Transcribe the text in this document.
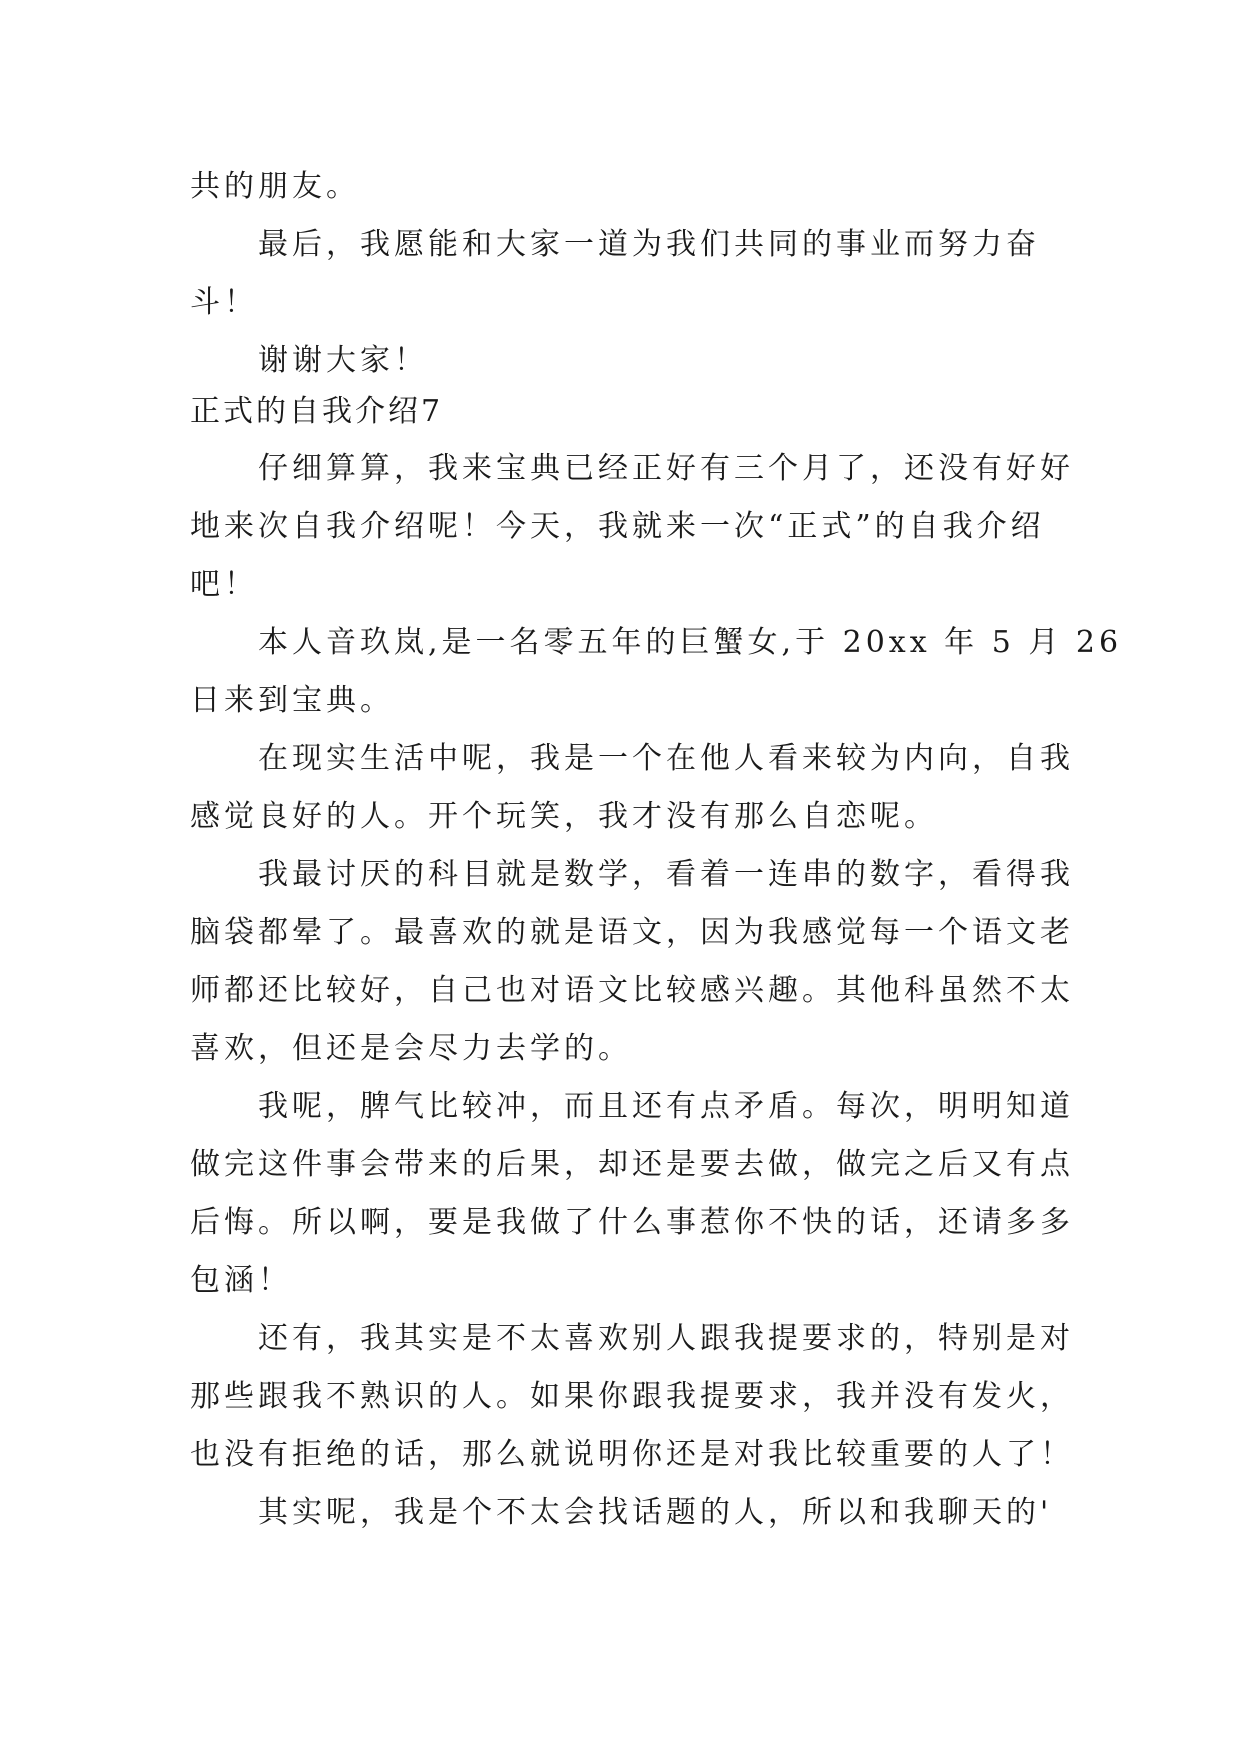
共的朋友。
最后，我愿能和大家一道为我们共同的事业而努力奋
斗！
谢谢大家！
正式的自我介绍7
仔细算算，我来宝典已经正好有三个月了，还没有好好
地来次自我介绍呢！今天，我就来一次“正式”的自我介绍
吧！
本人音玖岚,是一名零五年的巨蟹女,于 20xx 年 5 月 26
日来到宝典。
在现实生活中呢，我是一个在他人看来较为内向，自我
感觉良好的人。开个玩笑，我才没有那么自恋呢。
我最讨厌的科目就是数学，看着一连串的数字，看得我
脑袋都晕了。最喜欢的就是语文，因为我感觉每一个语文老
师都还比较好，自己也对语文比较感兴趣。其他科虽然不太
喜欢，但还是会尽力去学的。
我呢，脾气比较冲，而且还有点矛盾。每次，明明知道
做完这件事会带来的后果，却还是要去做，做完之后又有点
后悔。所以啊，要是我做了什么事惹你不快的话，还请多多
包涵！
还有，我其实是不太喜欢别人跟我提要求的，特别是对
那些跟我不熟识的人。如果你跟我提要求，我并没有发火，
也没有拒绝的话，那么就说明你还是对我比较重要的人了！
其实呢，我是个不太会找话题的人，所以和我聊天的'
